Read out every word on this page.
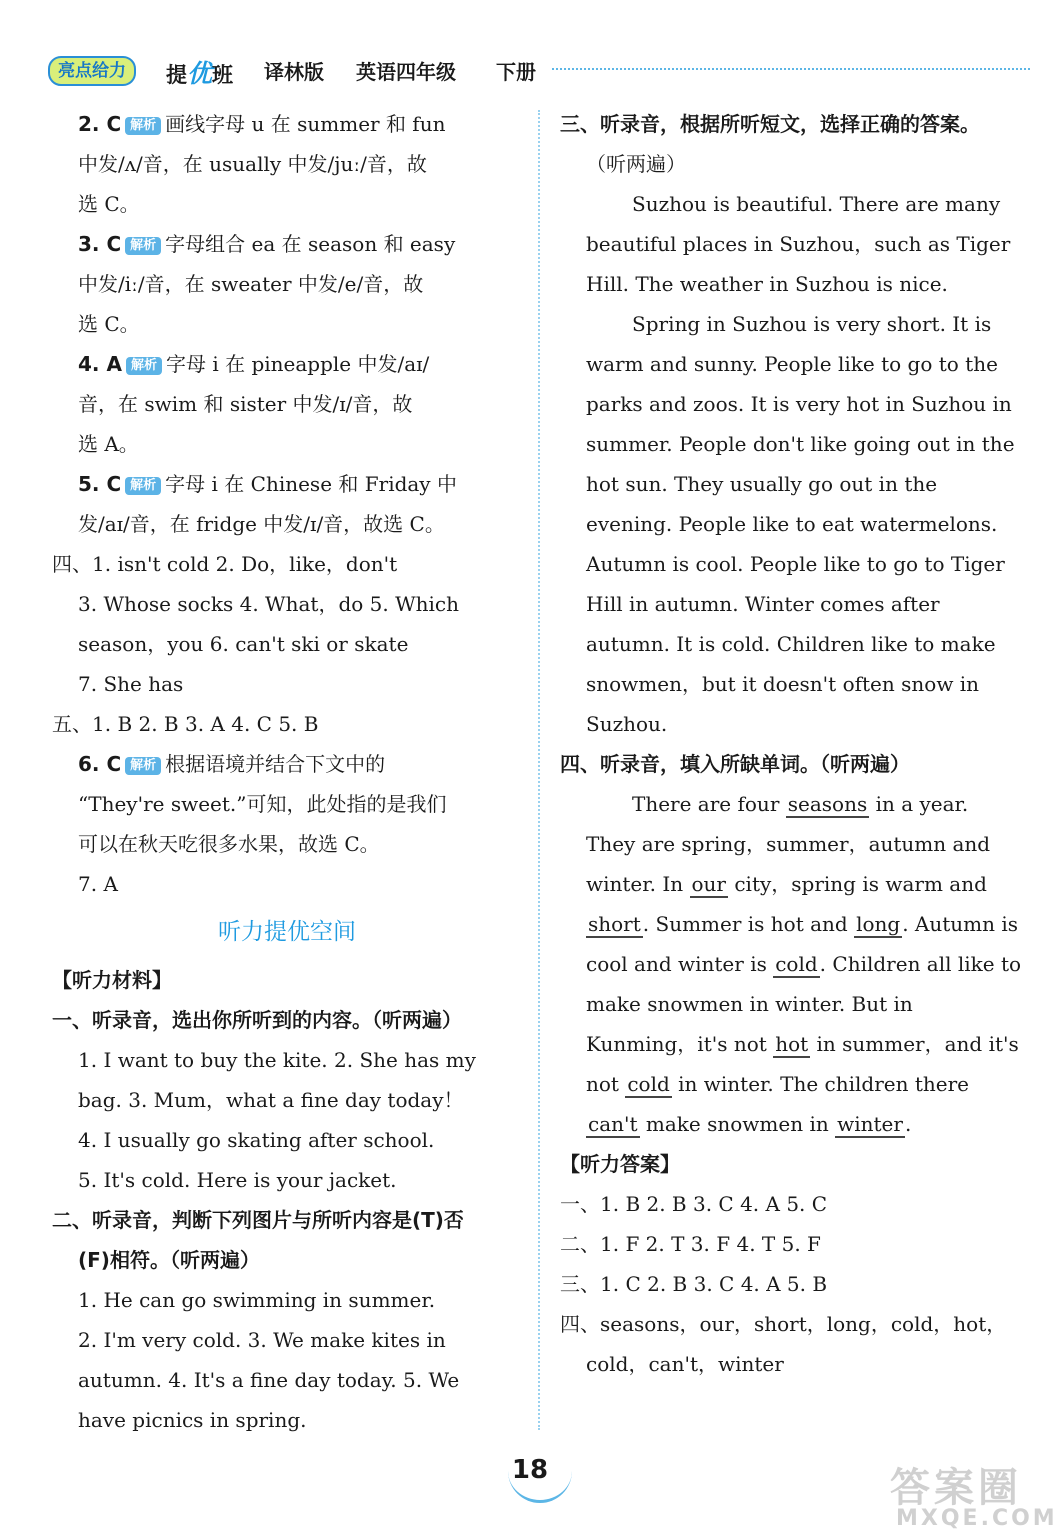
亮点给力	提优班 译林版 英语四年级 下册
2. C 解析 画线字母 u 在 summer 和 fun
中发/ʌ/音，在 usually 中发/juː/音，故
选 C。
3. C 解析 字母组合 ea 在 season 和 easy
中发/iː/音，在 sweater 中发/e/音，故
选 C。
4. A 解析 字母 i 在 pineapple 中发/aɪ/
音，在 swim 和 sister 中发/ɪ/音，故
选 A。
5. C 解析 字母 i 在 Chinese 和 Friday 中
发/aɪ/音，在 fridge 中发/ɪ/音，故选 C。
四、1. isn't cold 2. Do，like，don't
3. Whose socks 4. What，do 5. Which
season，you 6. can't ski or skate
7. She has
五、1. B 2. B 3. A 4. C 5. B
6. C 解析 根据语境并结合下文中的
“They're sweet.”可知，此处指的是我们
可以在秋天吃很多水果，故选 C。
7. A
听力提优空间
【听力材料】
一、听录音，选出你所听到的内容。（听两遍）
1. I want to buy the kite. 2. She has my
bag. 3. Mum，what a fine day today！
4. I usually go skating after school.
5. It's cold. Here is your jacket.
二、听录音，判断下列图片与所听内容是(T)否
(F)相符。（听两遍）
1. He can go swimming in summer.
2. I'm very cold. 3. We make kites in
autumn. 4. It's a fine day today. 5. We
have picnics in spring.
三、听录音，根据所听短文，选择正确的答案。
（听两遍）
Suzhou is beautiful. There are many
beautiful places in Suzhou，such as Tiger
Hill. The weather in Suzhou is nice.
Spring in Suzhou is very short. It is
warm and sunny. People like to go to the
parks and zoos. It is very hot in Suzhou in
summer. People don't like going out in the
hot sun. They usually go out in the
evening. People like to eat watermelons.
Autumn is cool. People like to go to Tiger
Hill in autumn. Winter comes after
autumn. It is cold. Children like to make
snowmen，but it doesn't often snow in
Suzhou.
四、听录音，填入所缺单词。（听两遍）
There are four seasons in a year.
They are spring，summer，autumn and
winter. In our city，spring is warm and
short . Summer is hot and long . Autumn is
cool and winter is cold . Children all like to
make snowmen in winter. But in
Kunming，it's not hot in summer，and it's
not cold in winter. The children there
can't make snowmen in winter .
【听力答案】
一、1. B 2. B 3. C 4. A 5. C
二、1. F 2. T 3. F 4. T 5. F
三、1. C 2. B 3. C 4. A 5. B
四、seasons，our，short，long，cold，hot，
cold，can't，winter
18	答案圈
MXQE.COM
